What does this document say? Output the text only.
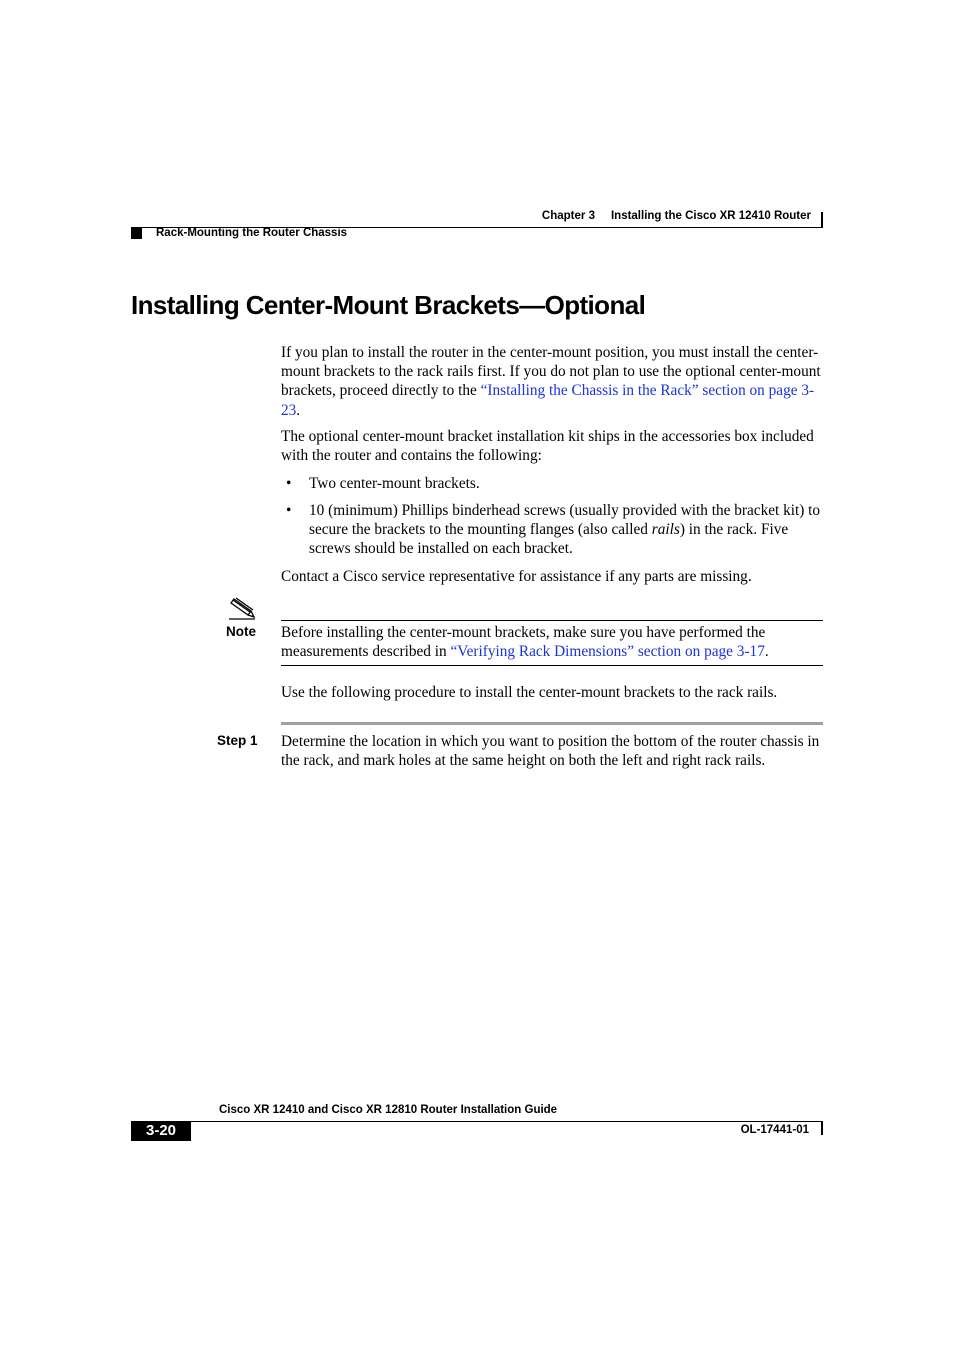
Chapter 3 Installing the Cisco XR 12410 Router
Rack-Mounting the Router Chassis
Installing Center-Mount Brackets—Optional

If you plan to install the router in the center-mount position, you must install the center-mount brackets to the rack rails first. If you do not plan to use the optional center-mount brackets, proceed directly to the “Installing the Chassis in the Rack” section on page 3-23.

The optional center-mount bracket installation kit ships in the accessories box included with the router and contains the following:

• Two center-mount brackets.
• 10 (minimum) Phillips binderhead screws (usually provided with the bracket kit) to secure the brackets to the mounting flanges (also called rails) in the rack. Five screws should be installed on each bracket.

Contact a Cisco service representative for assistance if any parts are missing.

Note Before installing the center-mount brackets, make sure you have performed the measurements described in “Verifying Rack Dimensions” section on page 3-17.

Use the following procedure to install the center-mount brackets to the rack rails.

Step 1 Determine the location in which you want to position the bottom of the router chassis in the rack, and mark holes at the same height on both the left and right rack rails.

Cisco XR 12410 and Cisco XR 12810 Router Installation Guide
3-20	OL-17441-01
